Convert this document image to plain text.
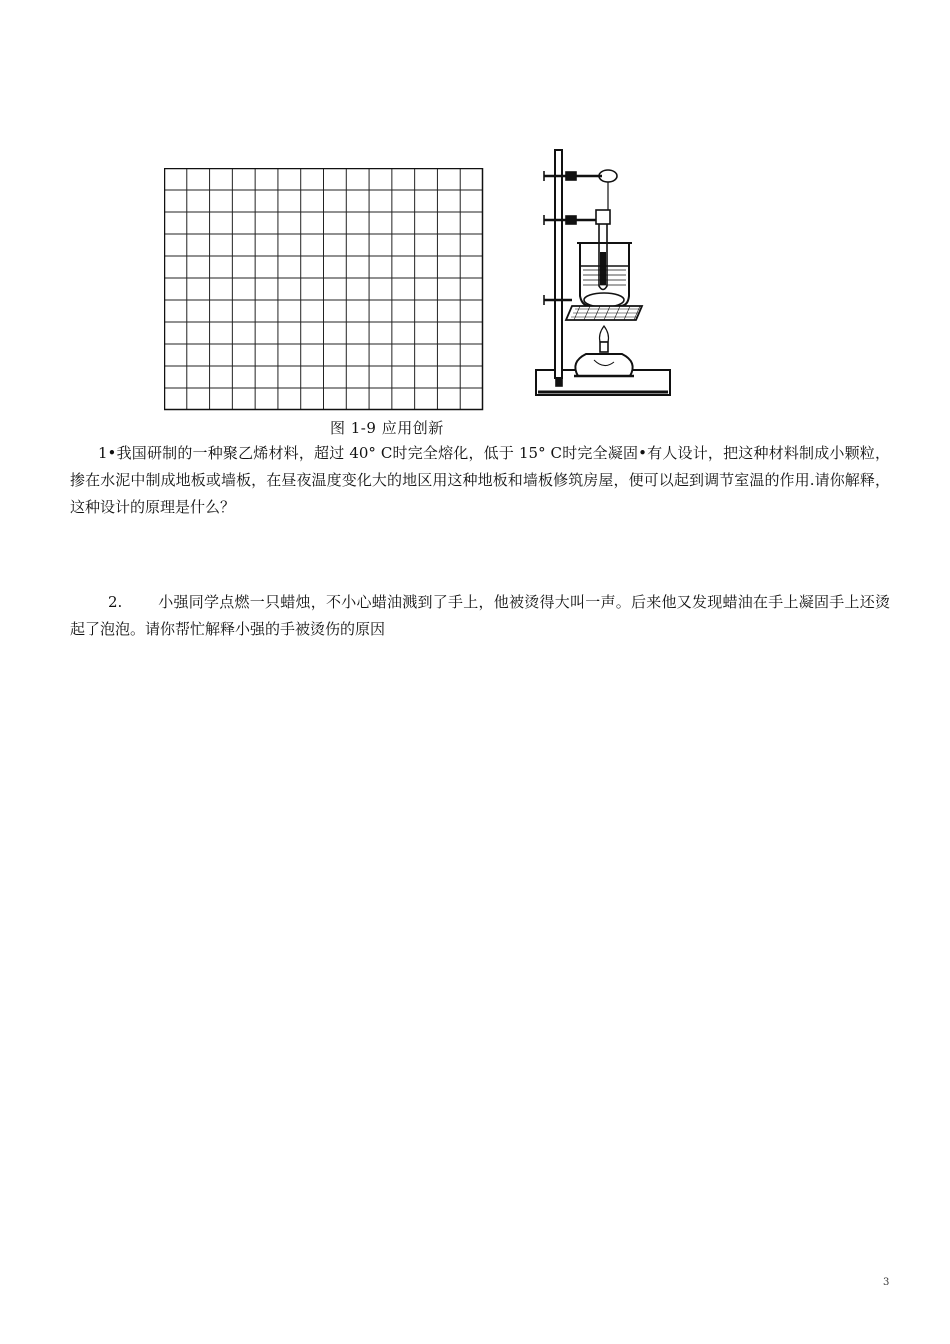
图 1-9 应用创新
1•我国研制的一种聚乙烯材料，超过 40° C时完全熔化，低于 15° C时完全凝固•有人设计，把这种材料制成小颗粒，掺在水泥中制成地板或墙板，在昼夜温度变化大的地区用这种地板和墙板修筑房屋，便可以起到调节室温的作用.请你解释，这种设计的原理是什么？
2. 小强同学点燃一只蜡烛，不小心蜡油溅到了手上，他被烫得大叫一声。后来他又发现蜡油在手上凝固手上还烫起了泡泡。请你帮忙解释小强的手被烫伤的原因
3
